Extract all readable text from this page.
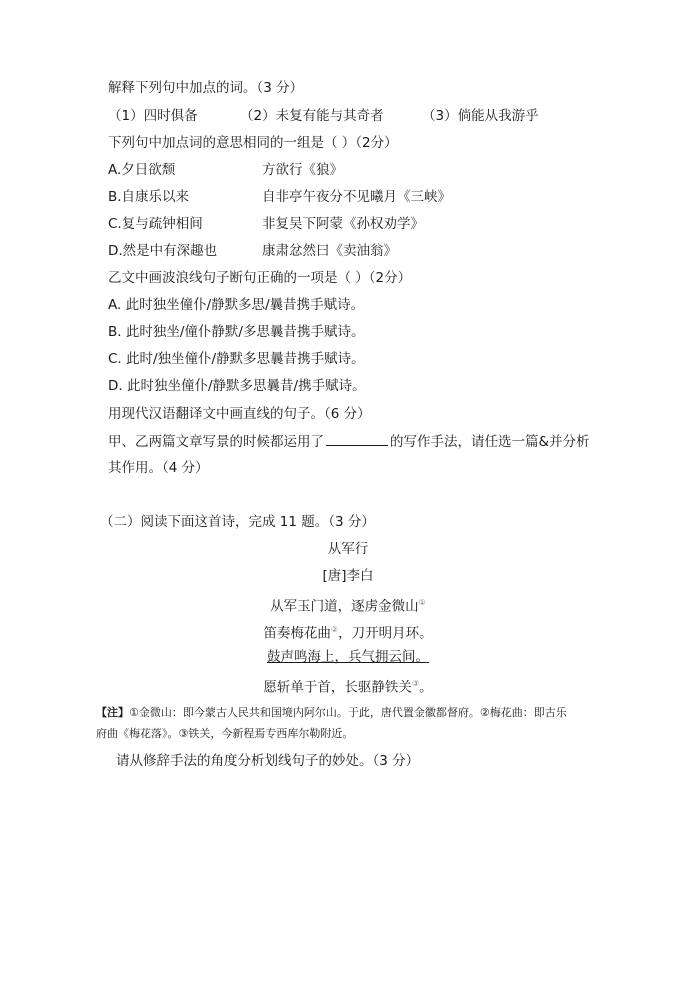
解释下列句中加点的词。（3 分）
（1）四时俱备	（2）未复有能与其奇者	（3）倘能从我游乎
下列句中加点词的意思相同的一组是（ ）（2分）
A.夕日欲颓	方欲行《狼》
B.自康乐以来	自非亭午夜分不见曦月《三峡》
C.复与疏钟相间	非复吴下阿蒙《孙权劝学》
D.然是中有深趣也	康肃忿然曰《卖油翁》
乙文中画波浪线句子断句正确的一项是（ ）（2分）
A. 此时独坐僮仆/静默多思/曩昔携手赋诗。
B. 此时独坐/僮仆静默/多思曩昔携手赋诗。
C. 此时/独坐僮仆/静默多思曩昔携手赋诗。
D. 此时独坐僮仆/静默多思曩昔/携手赋诗。
用现代汉语翻译文中画直线的句子。（6 分）
甲、乙两篇文章写景的时候都运用了	的写作手法，请任选一篇&并分析
其作用。（4 分）
（二）阅读下面这首诗，完成 11 题。（3 分）
从军行
[唐]李白
从军玉门道，逐虏金微山①
笛奏梅花曲②，刀开明月环。
鼓声鸣海上，兵气拥云间。
愿斩单于首，长驱静铁关③。
【注】①金微山：即今蒙古人民共和国境内阿尔山。于此，唐代置金徽都督府。②梅花曲：即古乐
府曲《梅花落》。③铁关，今新程焉专西库尔勒附近。
请从修辞手法的角度分析划线句子的妙处。（3 分）
